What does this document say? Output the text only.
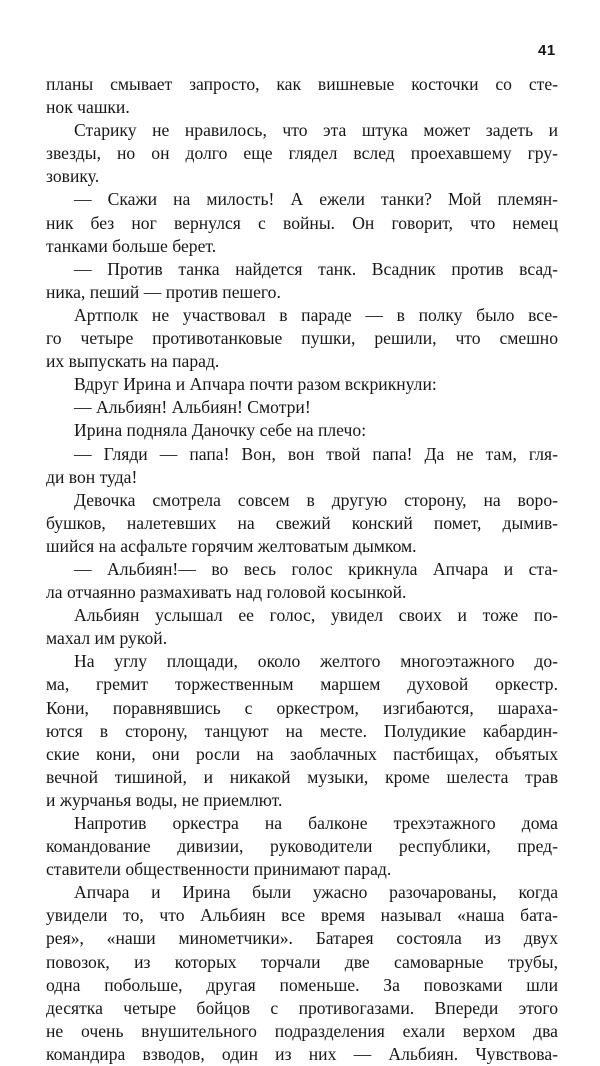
41
планы смывает запросто, как вишневые косточки со сте-
нок чашки.
Старику не нравилось, что эта штука может задеть и
звезды, но он долго еще глядел вслед проехавшему гру-
зовику.
— Скажи на милость! А ежели танки? Мой племян-
ник без ног вернулся с войны. Он говорит, что немец
танками больше берет.
— Против танка найдется танк. Всадник против всад-
ника, пеший — против пешего.
Артполк не участвовал в параде — в полку было все-
го четыре противотанковые пушки, решили, что смешно
их выпускать на парад.
Вдруг Ирина и Апчара почти разом вскрикнули:
— Альбиян! Альбиян! Смотри!
Ирина подняла Даночку себе на плечо:
— Гляди — папа! Вон, вон твой папа! Да не там, гля-
ди вон туда!
Девочка смотрела совсем в другую сторону, на воро-
бушков, налетевших на свежий конский помет, дымив-
шийся на асфальте горячим желтоватым дымком.
— Альбиян!— во весь голос крикнула Апчара и ста-
ла отчаянно размахивать над головой косынкой.
Альбиян услышал ее голос, увидел своих и тоже по-
махал им рукой.
На углу площади, около желтого многоэтажного до-
ма, гремит торжественным маршем духовой оркестр.
Кони, поравнявшись с оркестром, изгибаются, шараха-
ются в сторону, танцуют на месте. Полудикие кабардин-
ские кони, они росли на заоблачных пастбищах, объятых
вечной тишиной, и никакой музыки, кроме шелеста трав
и журчанья воды, не приемлют.
Напротив оркестра на балконе трехэтажного дома
командование дивизии, руководители республики, пред-
ставители общественности принимают парад.
Апчара и Ирина были ужасно разочарованы, когда
увидели то, что Альбиян все время называл «наша бата-
рея», «наши минометчики». Батарея состояла из двух
повозок, из которых торчали две самоварные трубы,
одна побольше, другая поменьше. За повозками шли
десятка четыре бойцов с противогазами. Впереди этого
не очень внушительного подразделения ехали верхом два
командира взводов, один из них — Альбиян. Чувствова-
